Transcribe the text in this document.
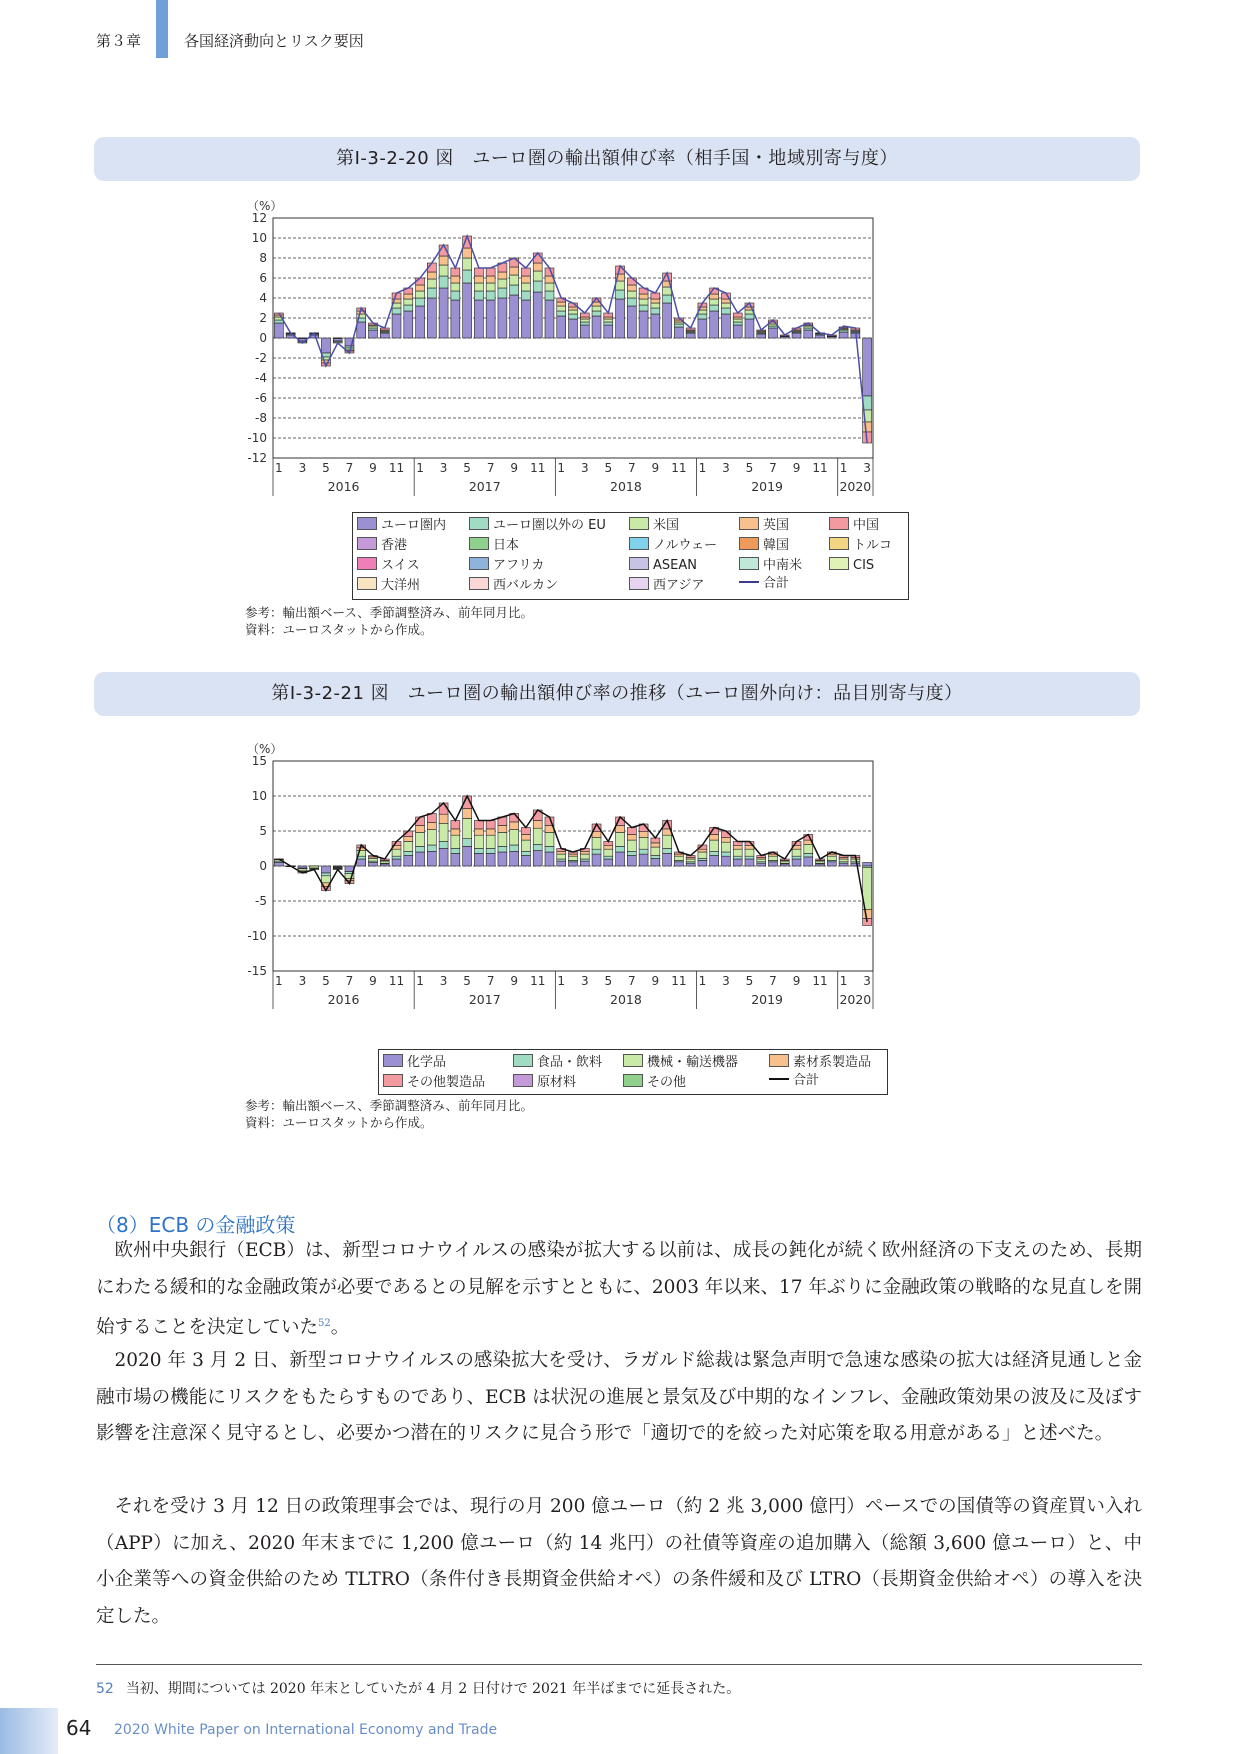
第３章	各国経済動向とリスク要因
第Ⅰ-3-2-20 図　ユーロ圏の輸出額伸び率（相手国・地域別寄与度）
（%）
12
10
8
6
4
2
0
-2
-4
-6
-8
-10
-12
1 3 5 7 9 11 1 3 5 7 9 11 1 3 5 7 9 11 1 3 5 7 9 11 1 3
2016	2017	2018	2019	2020
ユーロ圏内	ユーロ圏以外の EU	米国	英国	中国
香港	日本	ノルウェー	韓国	トルコ
スイス	アフリカ	ASEAN	中南米	CIS
大洋州	西バルカン	西アジア	合計
参考：輸出額ベース、季節調整済み、前年同月比。
資料：ユーロスタットから作成。
第Ⅰ-3-2-21 図　ユーロ圏の輸出額伸び率の推移（ユーロ圏外向け：品目別寄与度）
（%）
15
10
5
0
-5
-10
-15
1 3 5 7 9 11 1 3 5 7 9 11 1 3 5 7 9 11 1 3 5 7 9 11 1 3
2016	2017	2018	2019	2020
化学品	食品・飲料	機械・輸送機器	素材系製造品
その他製造品	原材料	その他	合計
参考：輸出額ベース、季節調整済み、前年同月比。
資料：ユーロスタットから作成。
（8）ECB の金融政策

欧州中央銀行（ECB）は、新型コロナウイルスの感染が拡大する以前は、成長の鈍化が続く欧州経済の下支えのため、長期にわたる緩和的な金融政策が必要であるとの見解を示すとともに、2003 年以来、17 年ぶりに金融政策の戦略的な見直しを開始することを決定していた$^{52}$。

2020 年 3 月 2 日、新型コロナウイルスの感染拡大を受け、ラガルド総裁は緊急声明で急速な感染の拡大は経済見通しと金融市場の機能にリスクをもたらすものであり、ECB は状況の進展と景気及び中期的なインフレ、金融政策効果の波及に及ぼす影響を注意深く見守るとし、必要かつ潜在的リスクに見合う形で「適切で的を絞った対応策を取る用意がある」と述べた。

それを受け 3 月 12 日の政策理事会では、現行の月 200 億ユーロ（約 2 兆 3,000 億円）ペースでの国債等の資産買い入れ（APP）に加え、2020 年末までに 1,200 億ユーロ（約 14 兆円）の社債等資産の追加購入（総額 3,600 億ユーロ）と、中小企業等への資金供給のため TLTRO（条件付き長期資金供給オペ）の条件緩和及び LTRO（長期資金供給オペ）の導入を決定した。

52 当初、期間については 2020 年末としていたが 4 月 2 日付けで 2021 年半ばまでに延長された。
64 2020 White Paper on International Economy and Trade
